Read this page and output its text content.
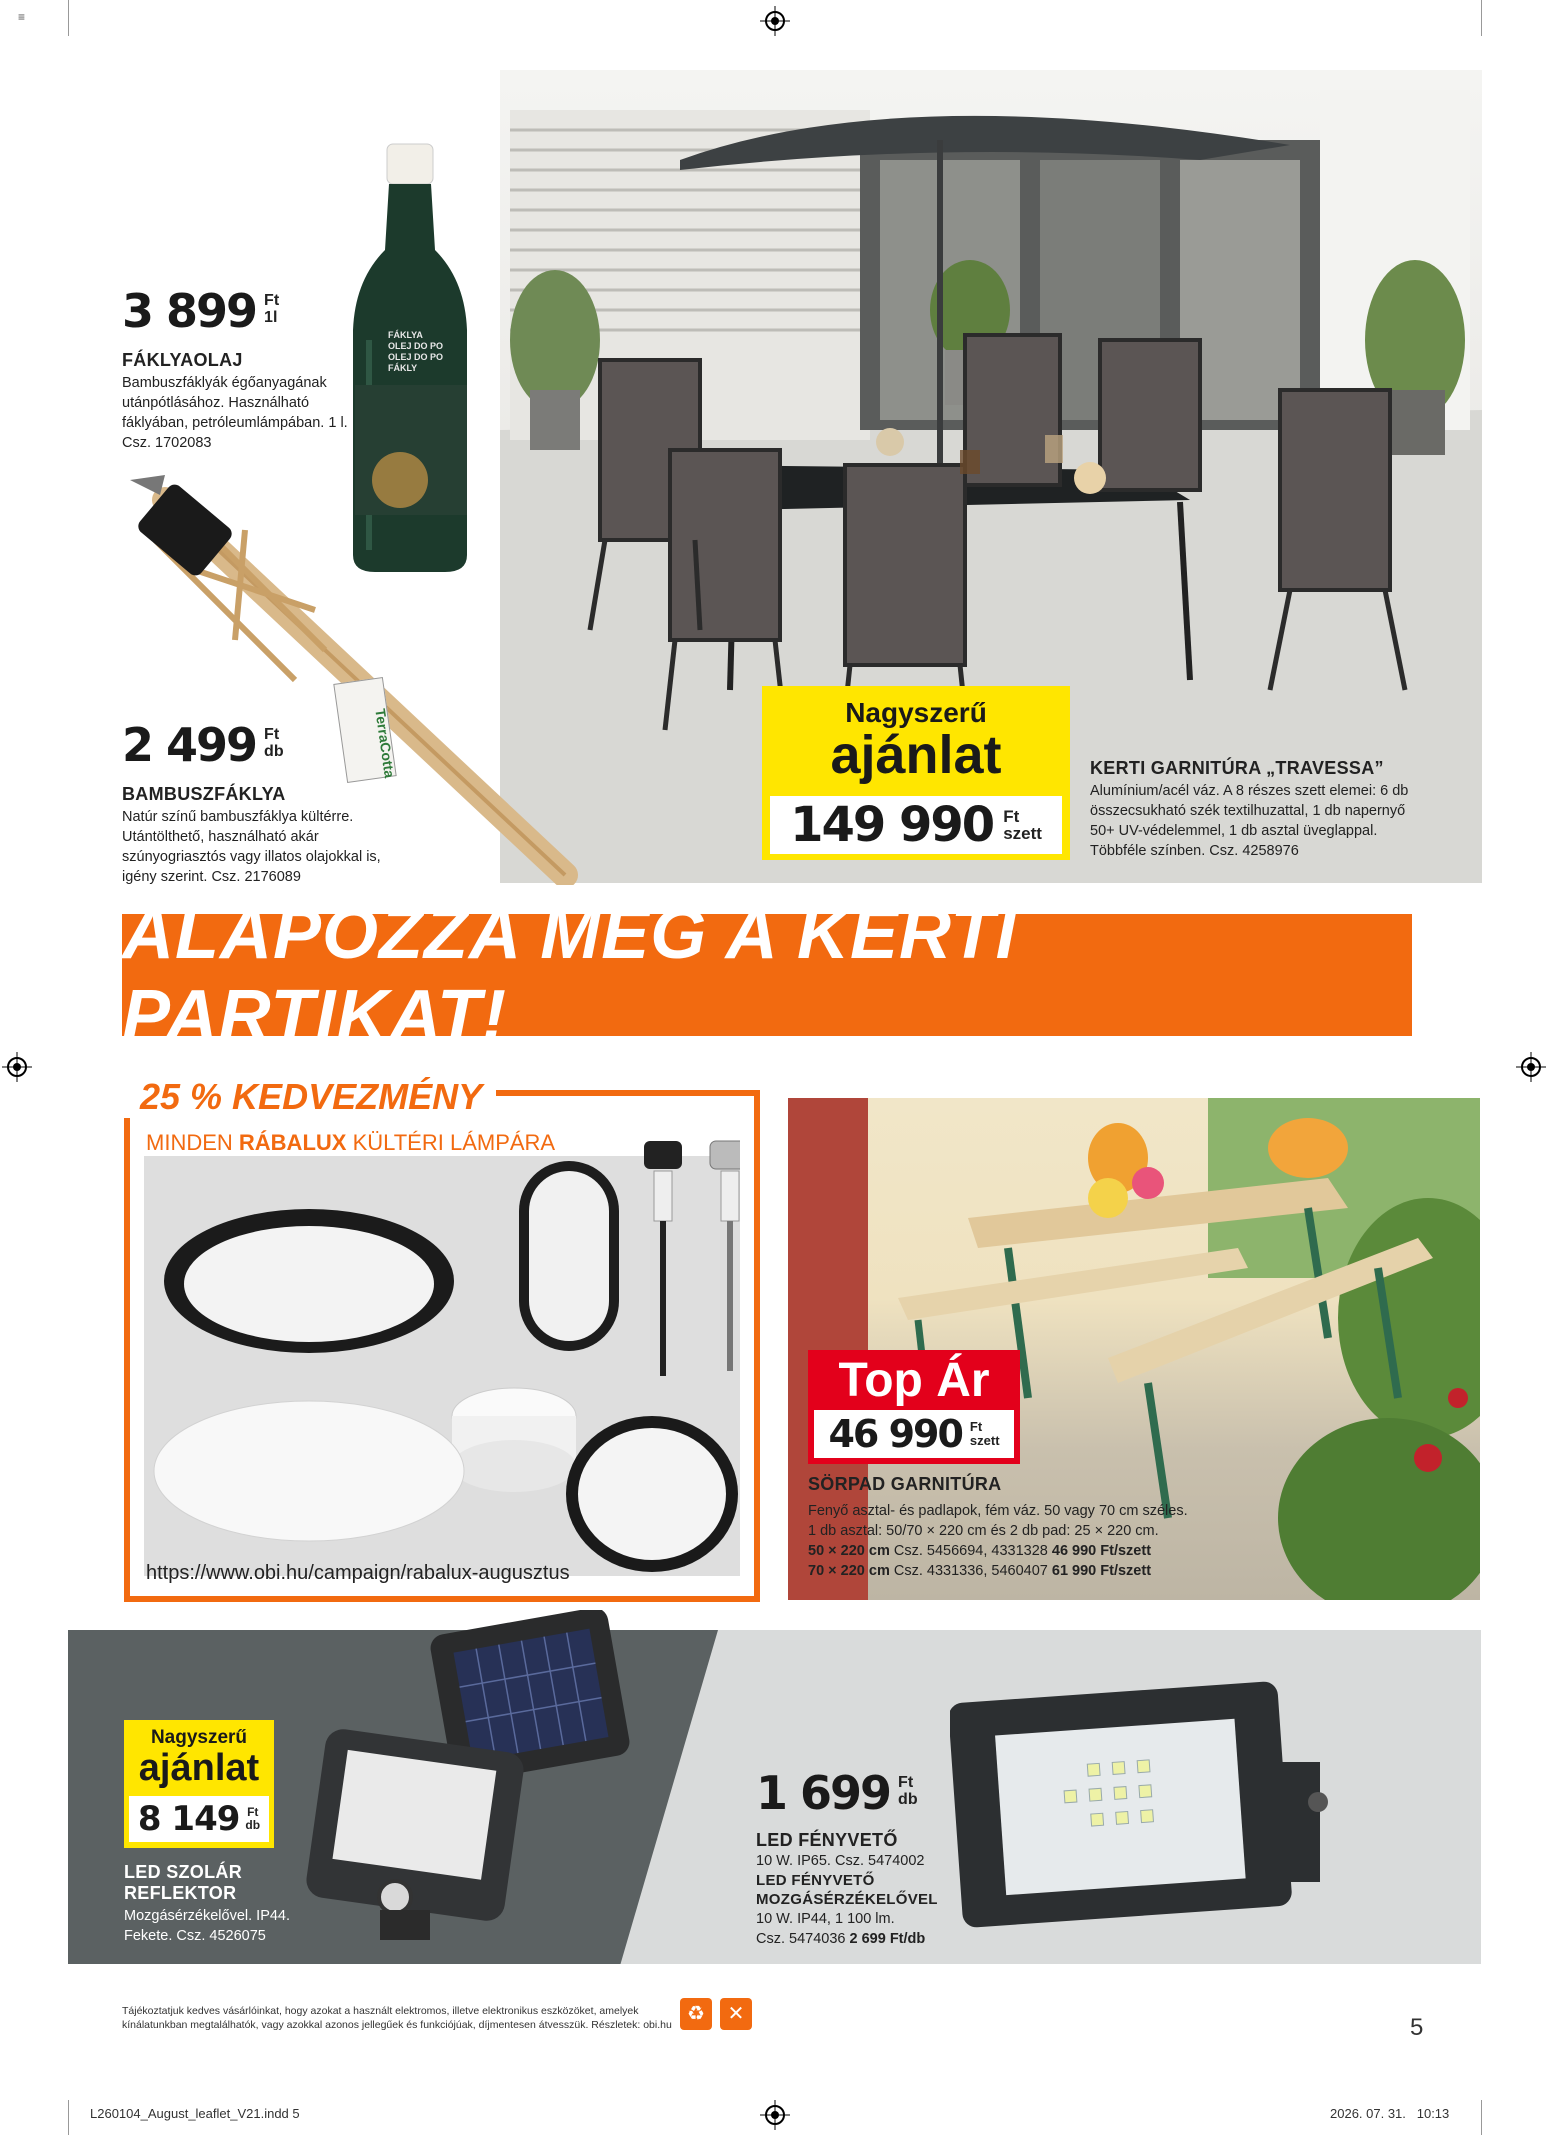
≡
FÁKLYA
OLEJ DO PO
OLEJ DO PO
FÁKLY
TerraCotta
3 899 Ft
1l
FÁKLYAOLAJ
Bambuszfáklyák égőanyagának
utánpótlásához. Használható
fáklyában, petróleumlámpában. 1 l.
Csz. 1702083
2 499 Ft
db
BAMBUSZFÁKLYA
Natúr színű bambuszfáklya kültérre.
Utántölthető, használható akár
szúnyogriasztós vagy illatos olajokkal is,
igény szerint. Csz. 2176089
Nagyszerű
ajánlat
149 990 Ft
szett
KERTI GARNITÚRA „TRAVESSA”
Alumínium/acél váz. A 8 részes szett elemei: 6 db
összecsukható szék textilhuzattal, 1 db napernyő
50+ UV-védelemmel, 1 db asztal üveglappal.
Többféle színben. Csz. 4258976
ALAPOZZA MEG A KERTI PARTIKAT!
25 % KEDVEZMÉNY
MINDEN RÁBALUX KÜLTÉRI LÁMPÁRA
https://www.obi.hu/campaign/rabalux-augusztus
Top Ár
46 990 Ft
szett
SÖRPAD GARNITÚRA
Fenyő asztal- és padlapok, fém váz. 50 vagy 70 cm széles.
1 db asztal: 50/70 × 220 cm és 2 db pad: 25 × 220 cm.
50 × 220 cm Csz. 5456694, 4331328 46 990 Ft/szett
70 × 220 cm Csz. 4331336, 5460407 61 990 Ft/szett
Nagyszerű
ajánlat
8 149 Ft
db
LED SZOLÁR
REFLEKTOR
Mozgásérzékelővel. IP44.
Fekete. Csz. 4526075
1 699 Ft
db
LED FÉNYVETŐ
10 W. IP65. Csz. 5474002
LED FÉNYVETŐ
MOZGÁSÉRZÉKELŐVEL
10 W. IP44, 1 100 lm.
Csz. 5474036 2 699 Ft/db
Tájékoztatjuk kedves vásárlóinkat, hogy azokat a használt elektromos, illetve elektronikus eszközöket, amelyek
kínálatunkban megtalálhatók, vagy azokkal azonos jellegűek és funkciójúak, díjmentesen átvesszük. Részletek: obi.hu ♻	✕	5
L260104_August_leaflet_V21.indd 5	2026. 07. 31.   10:13
